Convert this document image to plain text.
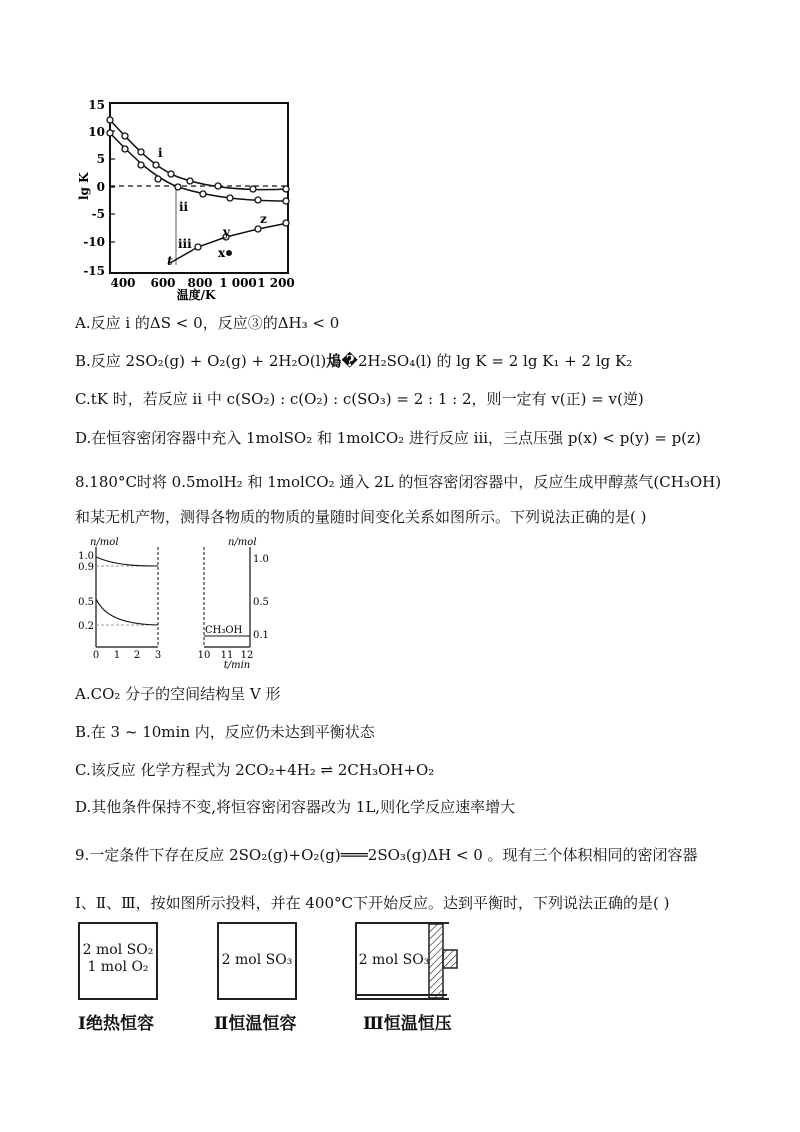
15
10
5
0
-5
-10
-15
lg K
i
ii
iii
t
x
y
z
400 600 800 1 000 1 200
温度/K
A.反应 i 的ΔS < 0，反应③的ΔH₃ < 0
B.反应 2SO₂(g) + O₂(g) + 2H₂O(l)䲪�2H₂SO₄(l) 的 lg K = 2 lg K₁ + 2 lg K₂
C.tK 时，若反应 ii 中 c(SO₂) : c(O₂) : c(SO₃) = 2 : 1 : 2，则一定有 v(正) = v(逆)
D.在恒容密闭容器中充入 1molSO₂ 和 1molCO₂ 进行反应 iii，三点压强 p(x) < p(y) = p(z)
8.180°C时将 0.5molH₂ 和 1molCO₂ 通入 2L 的恒容密闭容器中，反应生成甲醇蒸气(CH₃OH)
和某无机产物，测得各物质的物质的量随时间变化关系如图所示。下列说法正确的是( )
n/mol	n/mol
1.0
0.9
0.5
0.2
1.0
0.5
0.1
CH₃OH
0 1 2 3	10 11 12
t/min
A.CO₂ 分子的空间结构呈 V 形
B.在 3 ~ 10min 内，反应仍未达到平衡状态
C.该反应 化学方程式为 2CO₂+4H₂ ⇌ 2CH₃OH+O₂
D.其他条件保持不变,将恒容密闭容器改为 1L,则化学反应速率增大
9.一定条件下存在反应 2SO₂(g)+O₂(g)═══2SO₃(g)ΔH < 0 。现有三个体积相同的密闭容器
Ⅰ、Ⅱ、Ⅲ，按如图所示投料，并在 400°C下开始反应。达到平衡时，下列说法正确的是( )
2 mol SO₂
1 mol O₂	2 mol SO₃	2 mol SO₃
Ⅰ绝热恒容	Ⅱ恒温恒容	Ⅲ恒温恒压
